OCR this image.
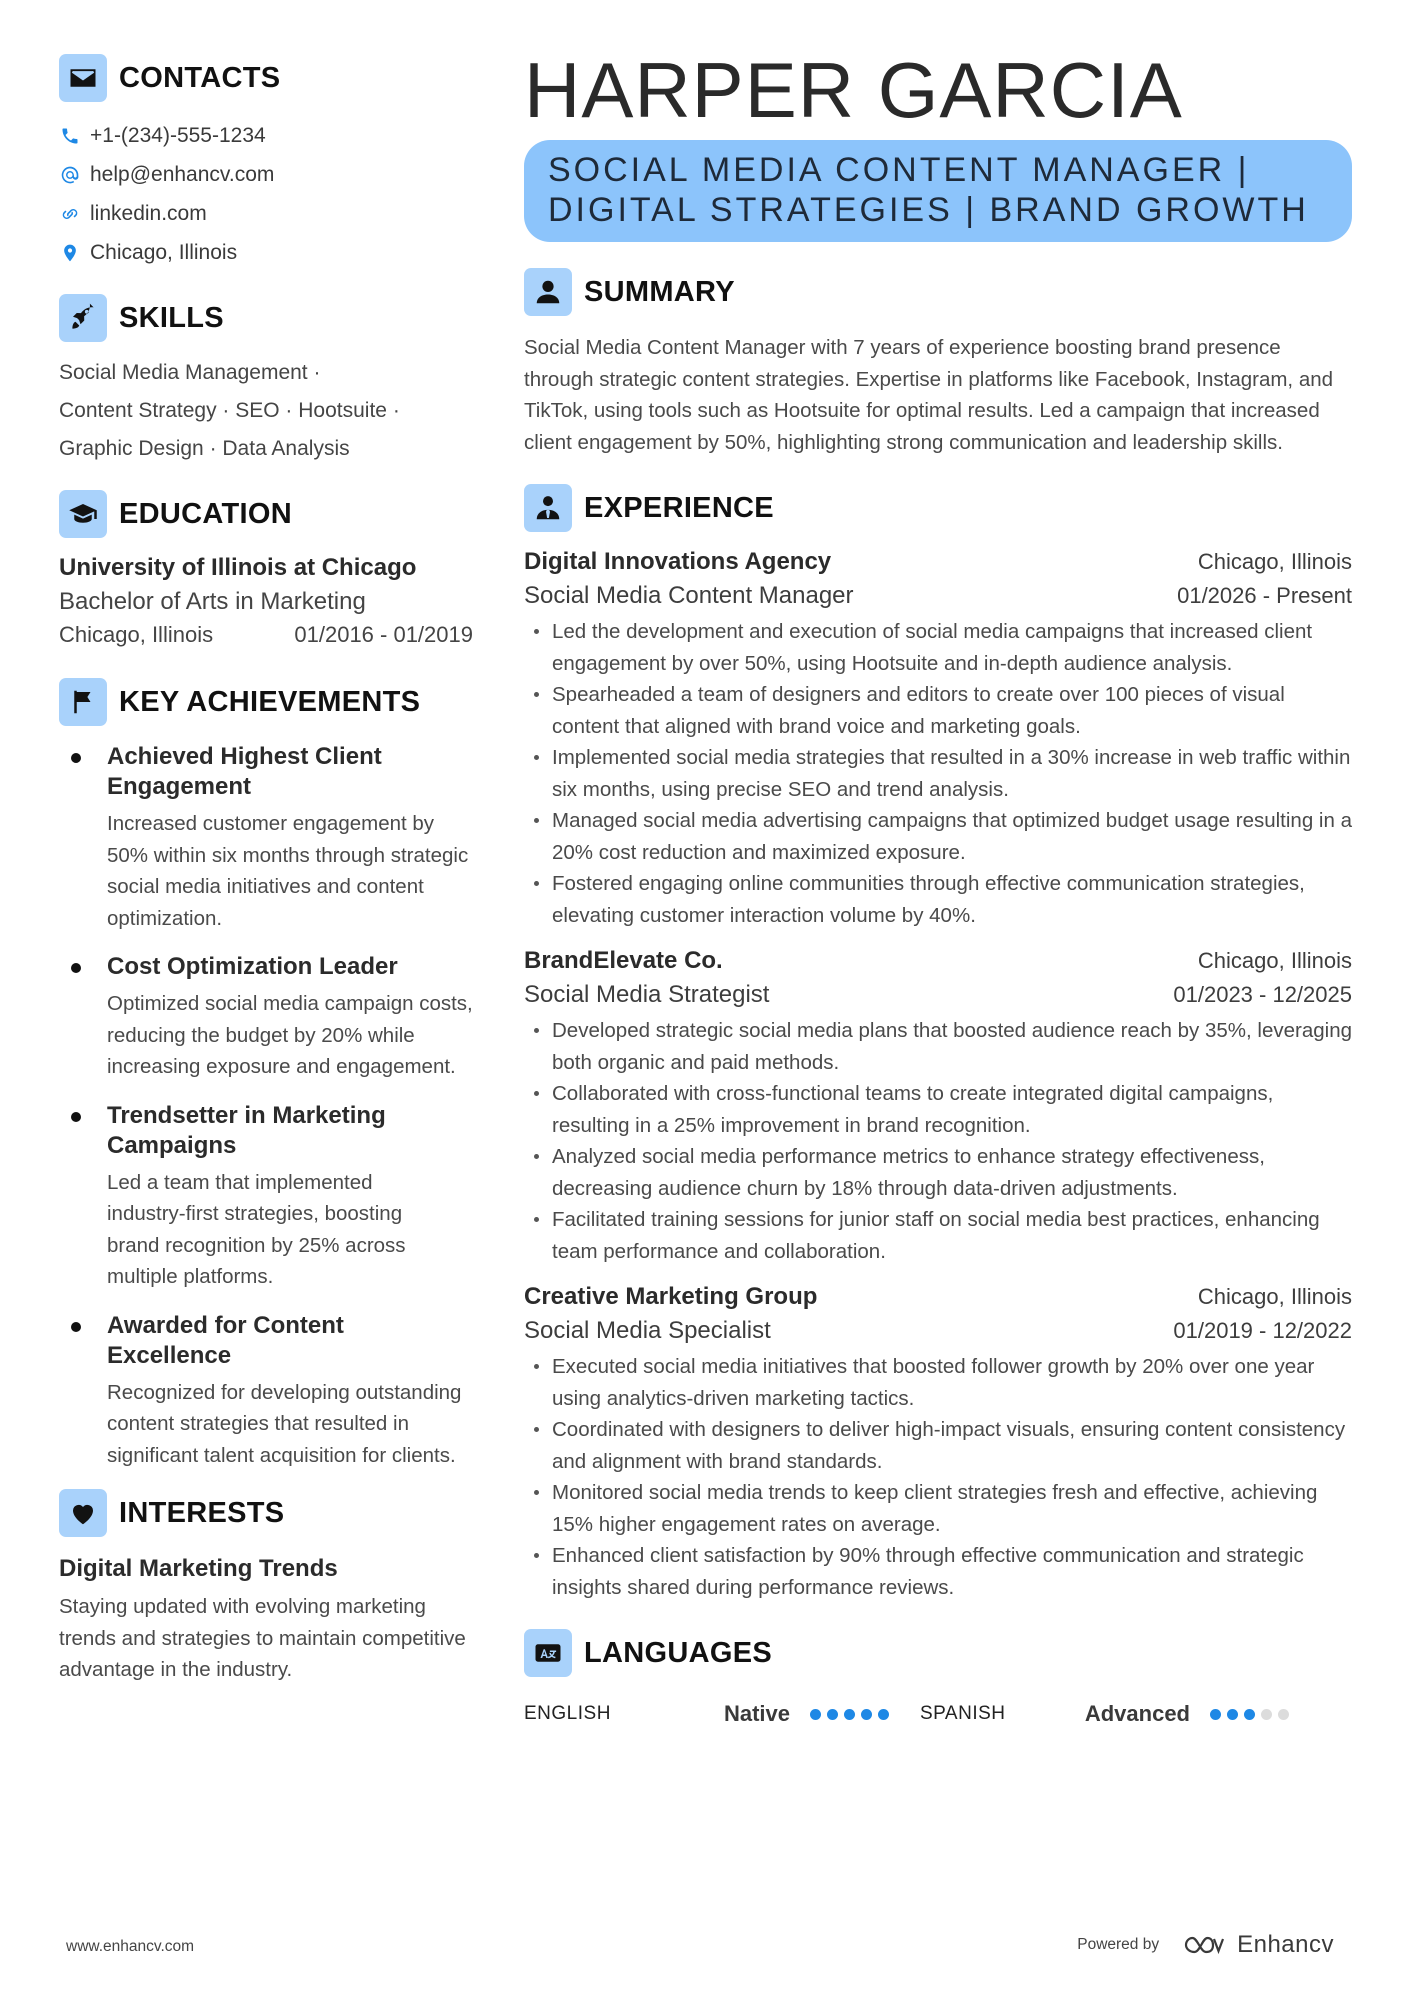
CONTACTS
+1-(234)-555-1234
help@enhancv.com
linkedin.com
Chicago, Illinois
SKILLS
Social Media Management ·
Content Strategy · SEO · Hootsuite ·
Graphic Design · Data Analysis
EDUCATION
University of Illinois at Chicago
Bachelor of Arts in Marketing
Chicago, Illinois	01/2016 - 01/2019
KEY ACHIEVEMENTS
Achieved Highest Client Engagement
Increased customer engagement by 50% within six months through strategic social media initiatives and content optimization.
Cost Optimization Leader
Optimized social media campaign costs, reducing the budget by 20% while increasing exposure and engagement.
Trendsetter in Marketing Campaigns
Led a team that implemented industry-first strategies, boosting brand recognition by 25% across multiple platforms.
Awarded for Content Excellence
Recognized for developing outstanding content strategies that resulted in significant talent acquisition for clients.
INTERESTS
Digital Marketing Trends
Staying updated with evolving marketing trends and strategies to maintain competitive advantage in the industry.
HARPER GARCIA
SOCIAL MEDIA CONTENT MANAGER |
DIGITAL STRATEGIES | BRAND GROWTH
SUMMARY
Social Media Content Manager with 7 years of experience boosting brand presence through strategic content strategies. Expertise in platforms like Facebook, Instagram, and TikTok, using tools such as Hootsuite for optimal results. Led a campaign that increased client engagement by 50%, highlighting strong communication and leadership skills.
EXPERIENCE
Digital Innovations Agency	Chicago, Illinois
Social Media Content Manager	01/2026 - Present
Led the development and execution of social media campaigns that increased client engagement by over 50%, using Hootsuite and in-depth audience analysis.
Spearheaded a team of designers and editors to create over 100 pieces of visual content that aligned with brand voice and marketing goals.
Implemented social media strategies that resulted in a 30% increase in web traffic within six months, using precise SEO and trend analysis.
Managed social media advertising campaigns that optimized budget usage resulting in a 20% cost reduction and maximized exposure.
Fostered engaging online communities through effective communication strategies, elevating customer interaction volume by 40%.
BrandElevate Co.	Chicago, Illinois
Social Media Strategist	01/2023 - 12/2025
Developed strategic social media plans that boosted audience reach by 35%, leveraging both organic and paid methods.
Collaborated with cross-functional teams to create integrated digital campaigns, resulting in a 25% improvement in brand recognition.
Analyzed social media performance metrics to enhance strategy effectiveness, decreasing audience churn by 18% through data-driven adjustments.
Facilitated training sessions for junior staff on social media best practices, enhancing team performance and collaboration.
Creative Marketing Group	Chicago, Illinois
Social Media Specialist	01/2019 - 12/2022
Executed social media initiatives that boosted follower growth by 20% over one year using analytics-driven marketing tactics.
Coordinated with designers to deliver high-impact visuals, ensuring content consistency and alignment with brand standards.
Monitored social media trends to keep client strategies fresh and effective, achieving 15% higher engagement rates on average.
Enhanced client satisfaction by 90% through effective communication and strategic insights shared during performance reviews.
LANGUAGES
ENGLISH	Native	SPANISH	Advanced
www.enhancv.com	Powered by	Enhancv
